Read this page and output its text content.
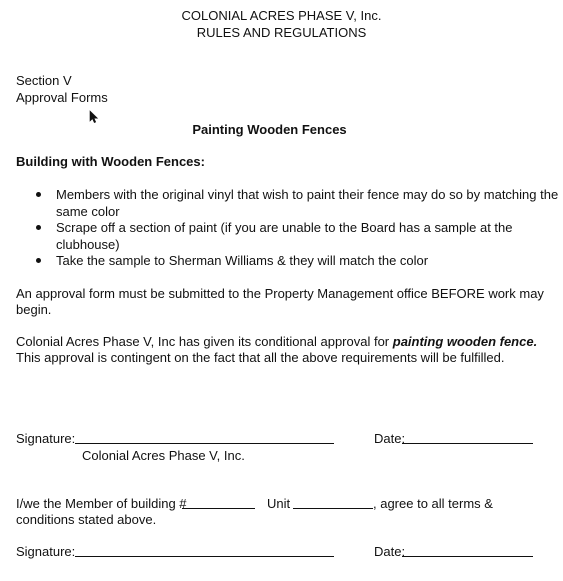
COLONIAL ACRES PHASE V, Inc.
RULES AND REGULATIONS
Section V
Approval Forms
Painting Wooden Fences
Building with Wooden Fences:
Members with the original vinyl that wish to paint their fence may do so by matching the
same color
Scrape off a section of paint (if you are unable to the Board has a sample at the
clubhouse)
Take the sample to Sherman Williams & they will match the color
An approval form must be submitted to the Property Management office BEFORE work may
begin.
Colonial Acres Phase V, Inc has given its conditional approval for painting wooden fence.
This approval is contingent on the fact that all the above requirements will be fulfilled.
Signature:	Date:
Colonial Acres Phase V, Inc.
I/we the Member of building #	Unit	, agree to all terms &
conditions stated above.
Signature:	Date:
